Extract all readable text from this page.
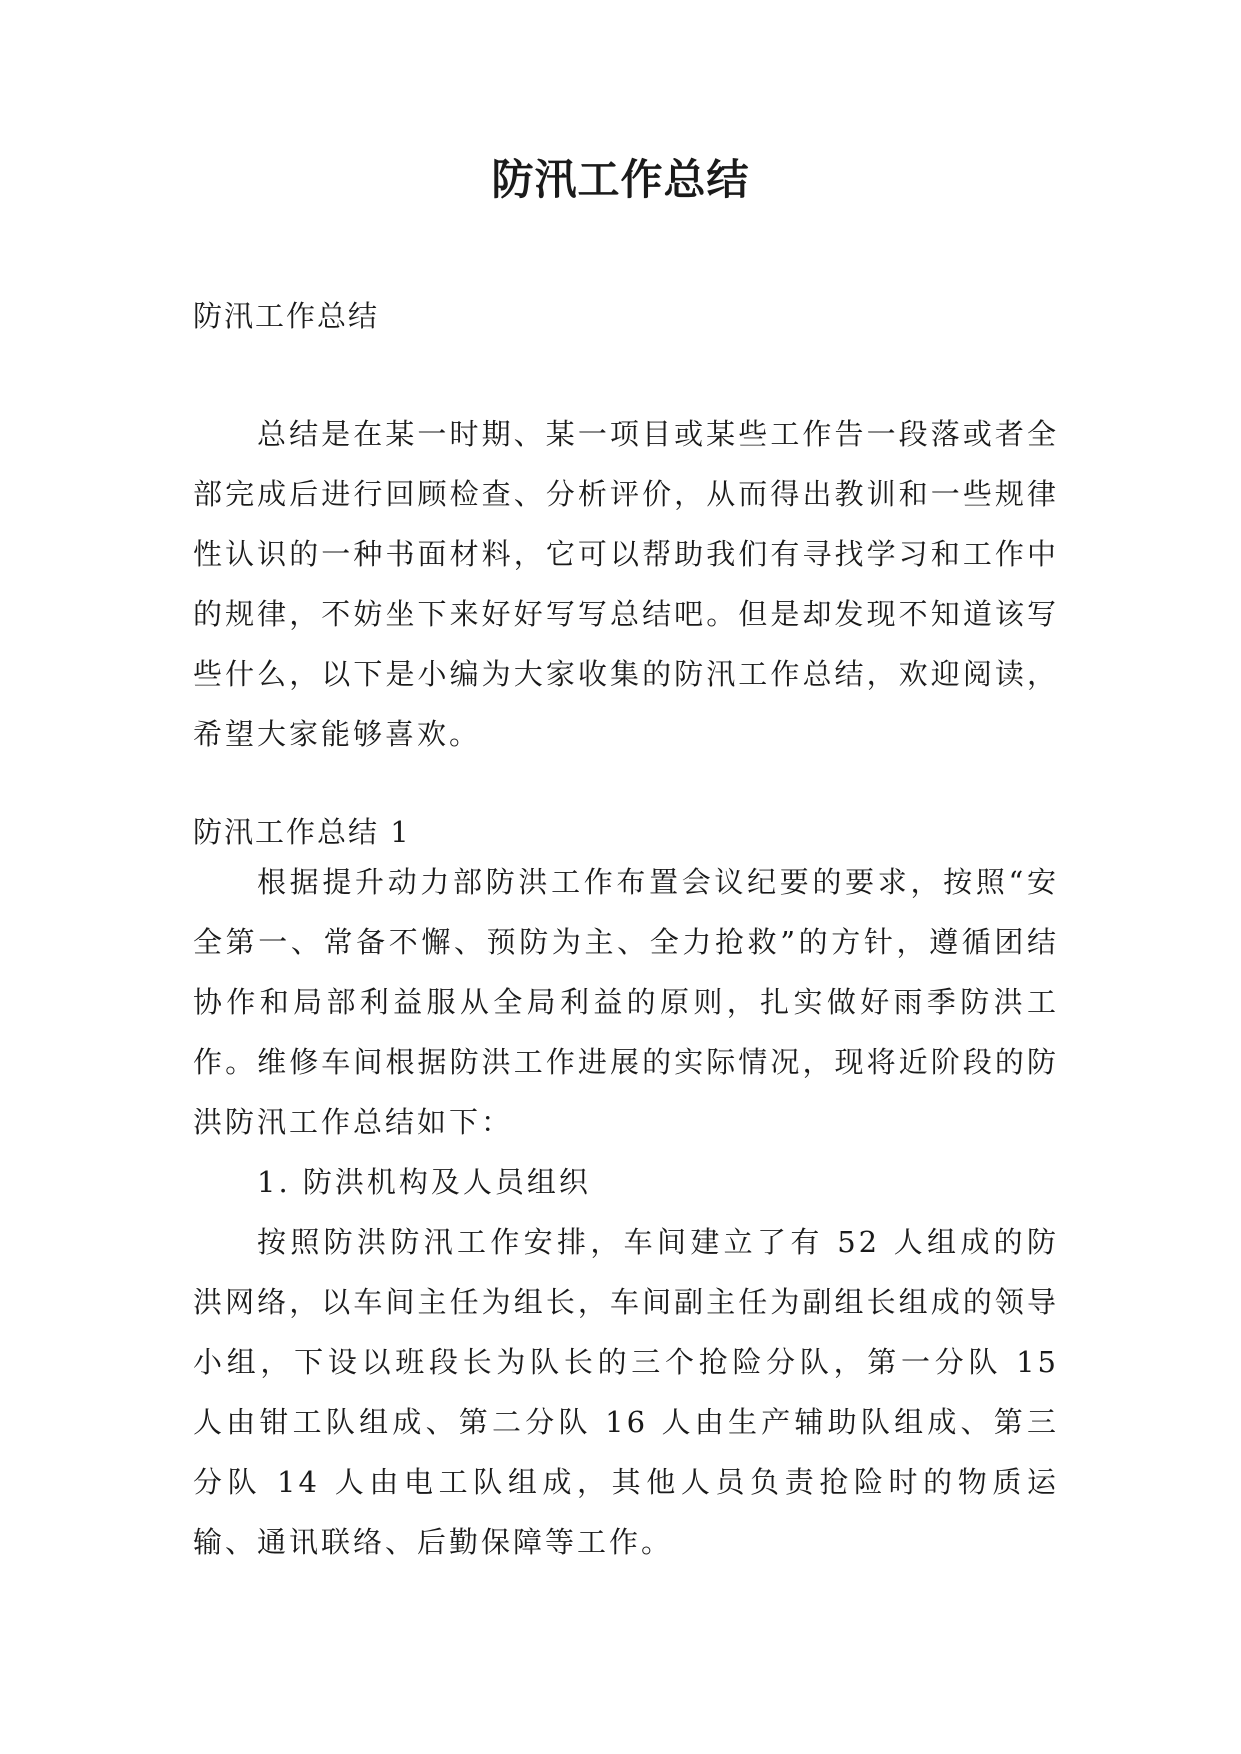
防汛工作总结

防汛工作总结

总结是在某一时期、某一项目或某些工作告一段落或者全部完成后进行回顾检查、分析评价，从而得出教训和一些规律性认识的一种书面材料，它可以帮助我们有寻找学习和工作中的规律，不妨坐下来好好写写总结吧。但是却发现不知道该写些什么，以下是小编为大家收集的防汛工作总结，欢迎阅读，希望大家能够喜欢。

防汛工作总结 1

根据提升动力部防洪工作布置会议纪要的要求，按照“安全第一、常备不懈、预防为主、全力抢救”的方针，遵循团结协作和局部利益服从全局利益的原则，扎实做好雨季防洪工作。维修车间根据防洪工作进展的实际情况，现将近阶段的防洪防汛工作总结如下：

1. 防洪机构及人员组织

按照防洪防汛工作安排，车间建立了有 52 人组成的防洪网络，以车间主任为组长，车间副主任为副组长组成的领导小组，下设以班段长为队长的三个抢险分队，第一分队 15 人由钳工队组成、第二分队 16 人由生产辅助队组成、第三分队 14 人由电工队组成，其他人员负责抢险时的物质运输、通讯联络、后勤保障等工作。
